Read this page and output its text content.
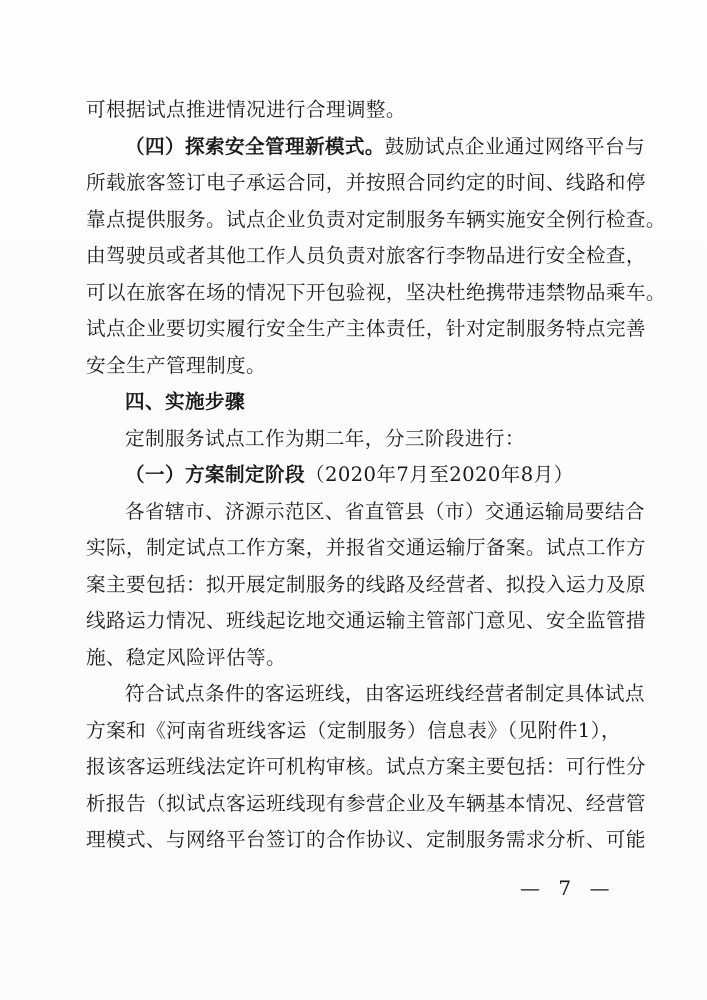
可根据试点推进情况进行合理调整。
（四）探索安全管理新模式。鼓励试点企业通过网络平台与
所载旅客签订电子承运合同，并按照合同约定的时间、线路和停
靠点提供服务。试点企业负责对定制服务车辆实施安全例行检查。
由驾驶员或者其他工作人员负责对旅客行李物品进行安全检查，
可以在旅客在场的情况下开包验视，坚决杜绝携带违禁物品乘车。
试点企业要切实履行安全生产主体责任，针对定制服务特点完善
安全生产管理制度。
四、实施步骤
定制服务试点工作为期二年，分三阶段进行：
（一）方案制定阶段（2020年7月至2020年8月）
各省辖市、济源示范区、省直管县（市）交通运输局要结合
实际，制定试点工作方案，并报省交通运输厅备案。试点工作方
案主要包括：拟开展定制服务的线路及经营者、拟投入运力及原
线路运力情况、班线起讫地交通运输主管部门意见、安全监管措
施、稳定风险评估等。
符合试点条件的客运班线，由客运班线经营者制定具体试点
方案和《河南省班线客运（定制服务）信息表》（见附件1），
报该客运班线法定许可机构审核。试点方案主要包括：可行性分
析报告（拟试点客运班线现有参营企业及车辆基本情况、经营管
理模式、与网络平台签订的合作协议、定制服务需求分析、可能
— 7 —
